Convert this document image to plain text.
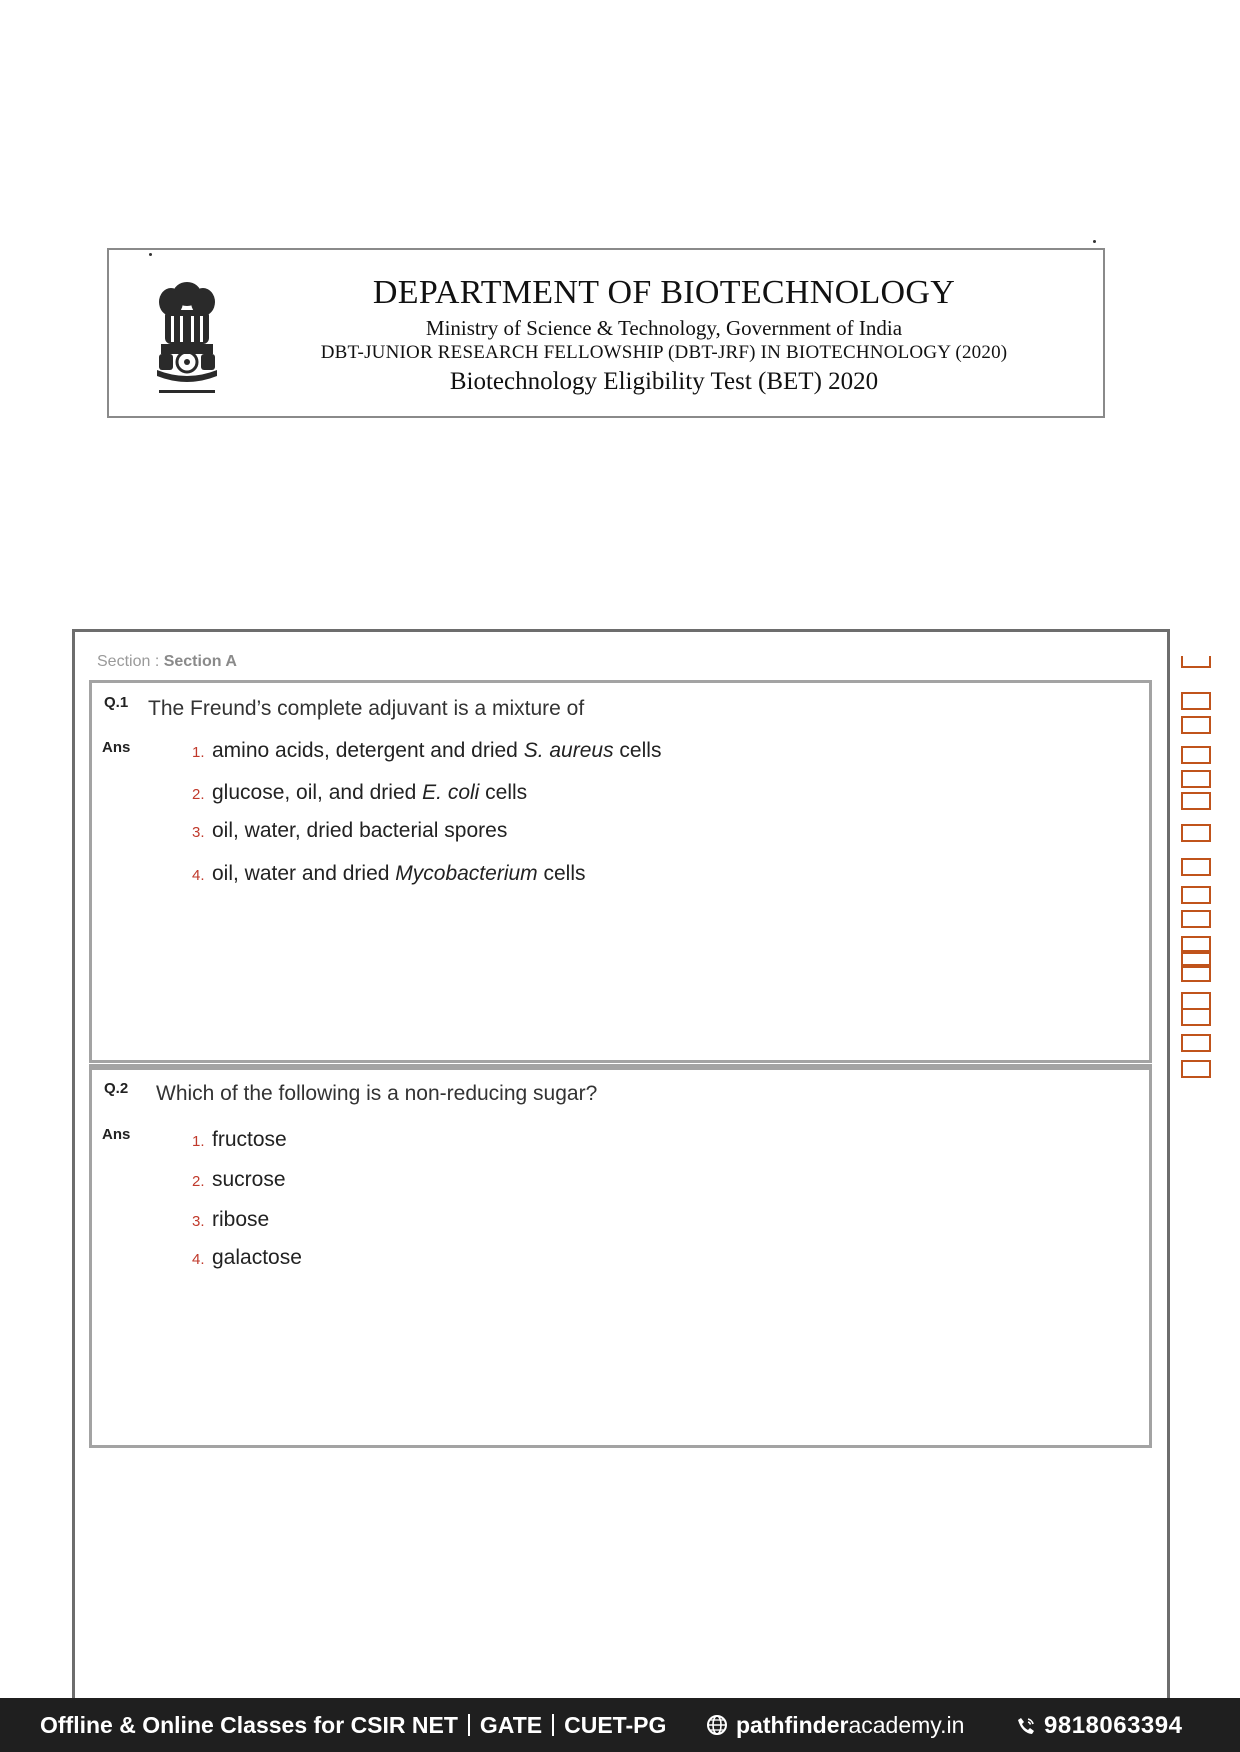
DEPARTMENT OF BIOTECHNOLOGY
Ministry of Science & Technology, Government of India
DBT-JUNIOR RESEARCH FELLOWSHIP (DBT-JRF) IN BIOTECHNOLOGY (2020)
Biotechnology Eligibility Test (BET) 2020
Section : Section A
Q.1 The Freund’s complete adjuvant is a mixture of
Ans	1. amino acids, detergent and dried S. aureus cells
2. glucose, oil, and dried E. coli cells
3. oil, water, dried bacterial spores
4. oil, water and dried Mycobacterium cells
Q.2 Which of the following is a non-reducing sugar?
Ans	1. fructose
2. sucrose
3. ribose
4. galactose
Offline & Online Classes for CSIR NET GATE CUET-PG	pathfinderacademy.in	9818063394
